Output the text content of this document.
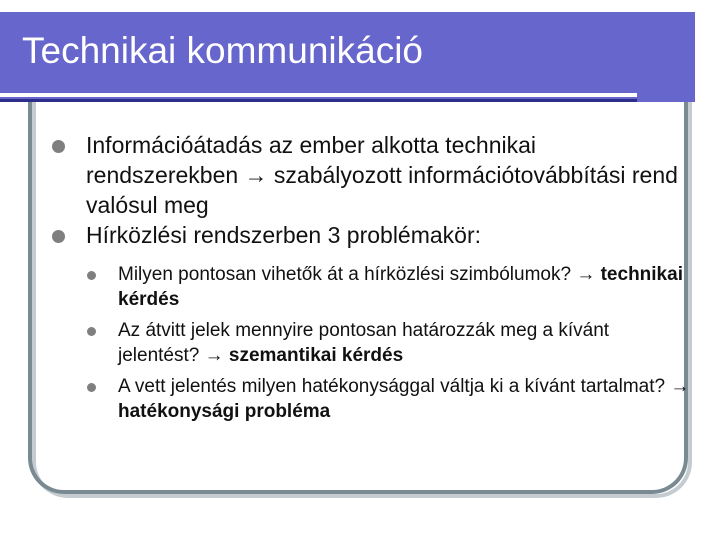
Technikai kommunikáció

Információátadás az ember alkotta technikai rendszerekben → szabályozott információtovábbítási rend valósul meg

Hírközlési rendszerben 3 problémakör:

Milyen pontosan vihetők át a hírközlési szimbólumok? → technikai kérdés

Az átvitt jelek mennyire pontosan határozzák meg a kívánt jelentést? → szemantikai kérdés

A vett jelentés milyen hatékonysággal váltja ki a kívánt tartalmat? → hatékonysági probléma
